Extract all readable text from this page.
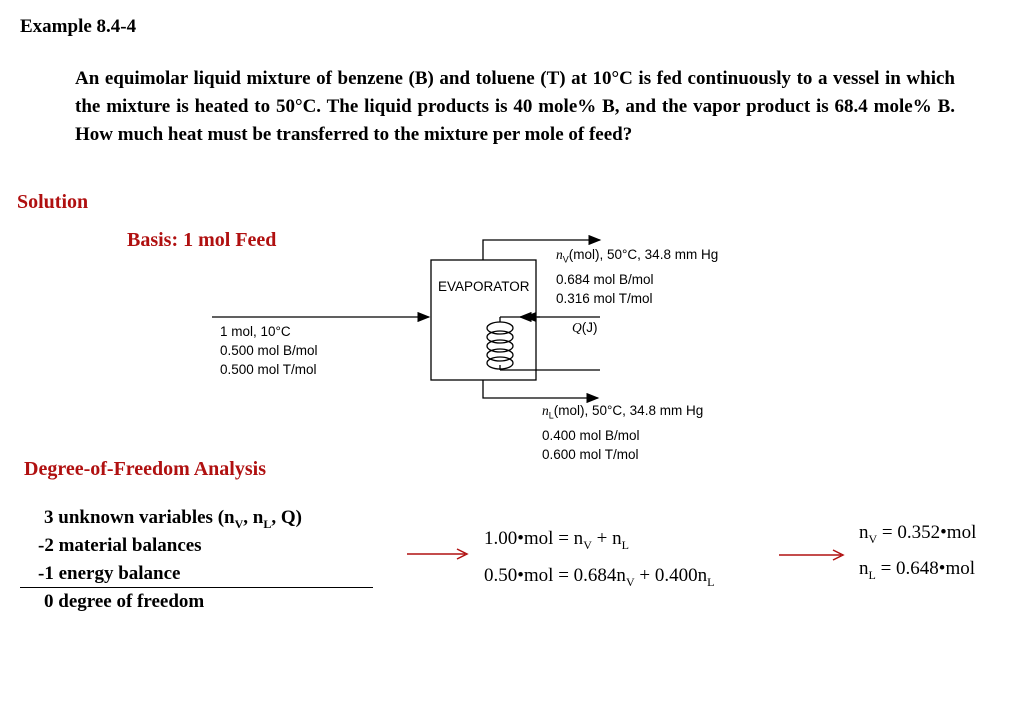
Example 8.4-4
An equimolar liquid mixture of benzene (B) and toluene (T) at 10°C is fed continuously to a vessel in which the mixture is heated to 50°C. The liquid products is 40 mole% B, and the vapor product is 68.4 mole% B. How much heat must be transferred to the mixture per mole of feed?
Solution
Basis: 1 mol Feed
EVAPORATOR
1 mol, 10°C
0.500 mol B/mol
0.500 mol T/mol
$n_V(mol)$, 50°C, 34.8 mm Hg
0.684 mol B/mol
0.316 mol T/mol
Q(J)
$n_L(mol)$, 50°C, 34.8 mm Hg
0.400 mol B/mol
0.600 mol T/mol
Degree-of-Freedom Analysis
3 unknown variables ($n_V$, $n_L$, Q)
-2 material balances
-1 energy balance
0 degree of freedom
1.00•mol = $n_V + n_L$
0.50•mol = $0.684n_V + 0.400n_L$
$n_V$ = 0.352•mol
$n_L$ = 0.648•mol
